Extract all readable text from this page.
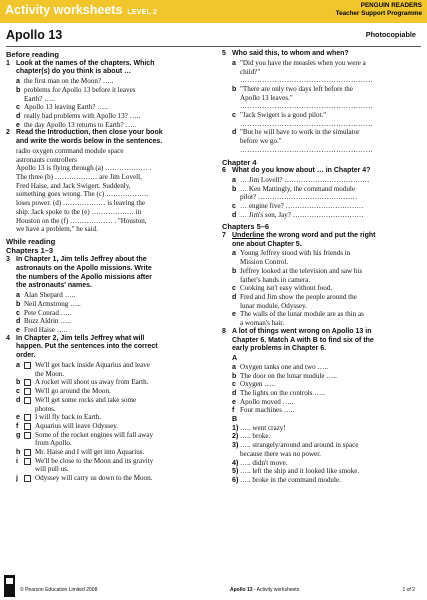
Activity worksheets LEVEL 2
PENGUIN READERS
Teacher Support Programme
Apollo 13	Photocopiable
Before reading
1 Look at the names of the chapters. Which
chapter(s) do you think is about …
a the first man on the Moon? …..
b problems for Apollo 13 before it leaves
Earth? …..
c Apollo 13 leaving Earth? …..
d really bad problems with Apollo 13? …..
e the day Apollo 13 returns to Earth? …..
2 Read the Introduction, then close your book
and write the words below in the sentences.
radio oxygen command module space
astronauts controllers
Apollo 13 is flying through (a) ……………… .
The three (b) ……………… are Jim Lovell,
Fred Haise, and Jack Swigert. Suddenly,
something goes wrong. The (c) ………………
loses power. (d) ……………… is leaving the
ship. Jack spoke to the (e) ……………… in
Houston on the (f) ……………… . "Houston,
we have a problem," he said.
While reading
Chapters 1–3
3 In Chapter 1, Jim tells Jeffrey about the
astronauts on the Apollo missions. Write
the numbers of the Apollo missions after
the astronauts' names.
a Alan Shepard …..
b Neil Armstrong …..
c Pete Conrad …..
d Buzz Aldrin …..
e Fred Haise …..
4 In Chapter 2, Jim tells Jeffrey what will
happen. Put the sentences into the correct
order.
a We'll get back inside Aquarius and leave
the Moon.
b A rocket will shoot us away from Earth.
c We'll go around the Moon.
d We'll get some rocks and take some
photos.
e I will fly back to Earth.
f Aquarius will leave Odyssey.
g Some of the rocket engines will fall away
from Apollo.
h Mr. Haise and I will get into Aquarius.
i We'll be close to the Moon and its gravity
will pull us.
j Odyssey will carry us down to the Moon.
5 Who said this, to whom and when?
a "Did you have the measles when you were a
child?"
………………………………………………
b "There are only two days left before the
Apollo 13 leaves."
………………………………………………
c "Jack Swigert is a good pilot."
………………………………………………
d "But he will have to work in the simulator
before we go."
………………………………………………
Chapter 4
6 What do you know about … in Chapter 4?
a … Jim Lovell? ………………………………
b … Ken Mattingly, the command module
pilot? ……………………………………
c … engine five? ……………………………
d … Jim's son, Jay? …………………………
Chapters 5–6
7 Underline the wrong word and put the right
one about Chapter 5.
a Young Jeffrey stood with his friends in
Mission Control.
b Jeffrey looked at the television and saw his
father's hands in camera.
c Cooking isn't easy without food.
d Fred and Jim show the people around the
lunar module, Odyssey.
e The walls of the lunar module are as thin as
a woman's hair.
8 A lot of things went wrong on Apollo 13 in
Chapter 6. Match A with B to find six of the
early problems in Chapter 6.
A
a Oxygen tanks one and two …..
b The door on the lunar module …..
c Oxygen …..
d The lights on the controls …..
e Apollo moved …..
f Four machines …..
B
1) ….. went crazy!
2) ….. broke.
3) ….. strangely/around and around in space
because there was no power.
4) ….. didn't move.
5) ….. left the ship and it looked like smoke.
6) ….. broke in the command module.
© Pearson Education Limited 2008	Apollo 13 - Activity worksheets	1 of 2
